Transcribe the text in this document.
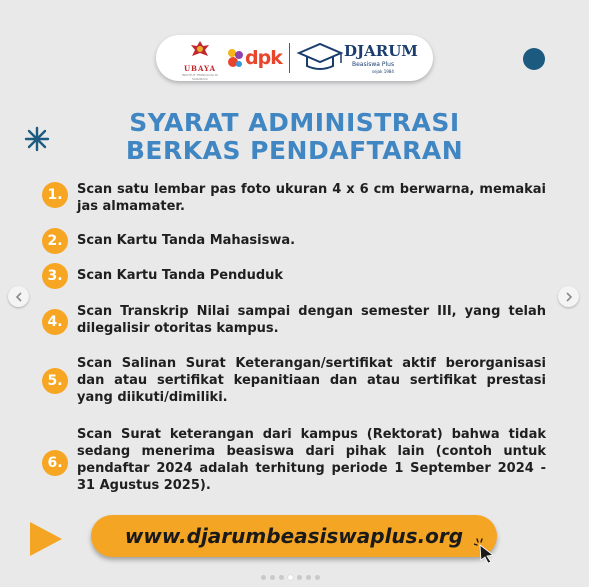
UBAYA
INSTITUT TEKNOLOGI DI SURABAYA
dpk	DJARUM
Beasiswa Plus
sejak 1984
SYARAT ADMINISTRASI
BERKAS PENDAFTARAN
1.	Scan satu lembar pas foto ukuran 4 x 6 cm berwarna, memakai jas almamater.
2.	Scan Kartu Tanda Mahasiswa.
3.	Scan Kartu Tanda Penduduk
4.
Scan Transkrip Nilai sampai dengan semester III, yang telah dilegalisir otoritas kampus.
5.
Scan Salinan Surat Keterangan/sertifikat aktif berorganisasi dan atau sertifikat kepanitiaan dan atau sertifikat prestasi yang diikuti/dimiliki.
6.
Scan Surat keterangan dari kampus (Rektorat) bahwa tidak sedang menerima beasiswa dari pihak lain (contoh untuk pendaftar 2024 adalah terhitung periode 1 September 2024 - 31 Agustus 2025).
www.djarumbeasiswaplus.org
